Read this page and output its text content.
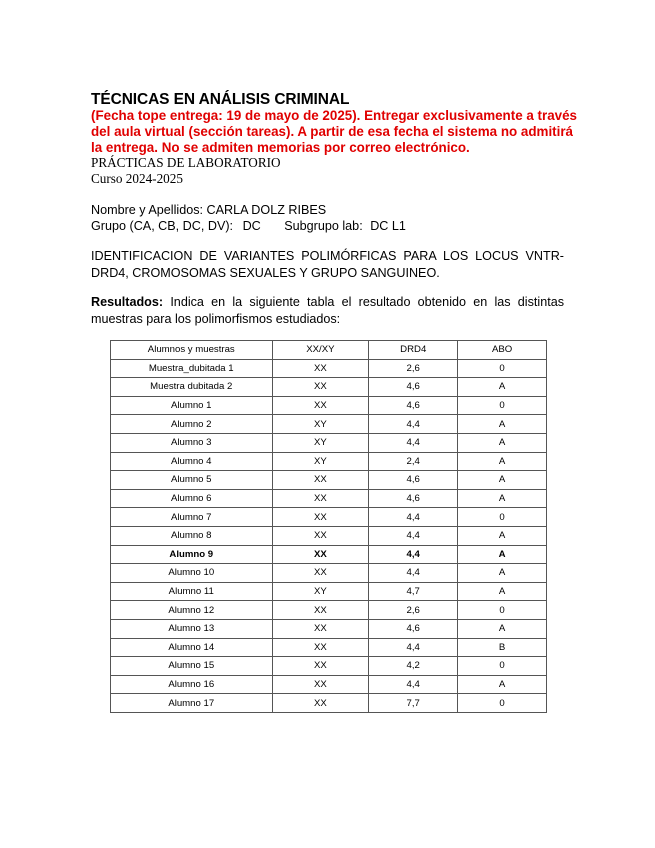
TÉCNICAS EN ANÁLISIS CRIMINAL
(Fecha tope entrega: 19 de mayo de 2025). Entregar exclusivamente a través
del aula virtual (sección tareas). A partir de esa fecha el sistema no admitirá
la entrega. No se admiten memorias por correo electrónico.
PRÁCTICAS DE LABORATORIO
Curso 2024-2025
Nombre y Apellidos: CARLA DOLZ RIBES
Grupo (CA, CB, DC, DV): DC Subgrupo lab: DC L1
IDENTIFICACION DE VARIANTES POLIMÓRFICAS PARA LOS LOCUS VNTR-
DRD4, CROMOSOMAS SEXUALES Y GRUPO SANGUINEO.
Resultados: Indica en la siguiente tabla el resultado obtenido en las distintas
muestras para los polimorfismos estudiados:
Alumnos y muestras	XX/XY	DRD4	ABO
Muestra_dubitada 1	XX	2,6	0
Muestra dubitada 2	XX	4,6	A
Alumno 1	XX	4,6	0
Alumno 2	XY	4,4	A
Alumno 3	XY	4,4	A
Alumno 4	XY	2,4	A
Alumno 5	XX	4,6	A
Alumno 6	XX	4,6	A
Alumno 7	XX	4,4	0
Alumno 8	XX	4,4	A
Alumno 9	XX	4,4	A
Alumno 10	XX	4,4	A
Alumno 11	XY	4,7	A
Alumno 12	XX	2,6	0
Alumno 13	XX	4,6	A
Alumno 14	XX	4,4	B
Alumno 15	XX	4,2	0
Alumno 16	XX	4,4	A
Alumno 17	XX	7,7	0
